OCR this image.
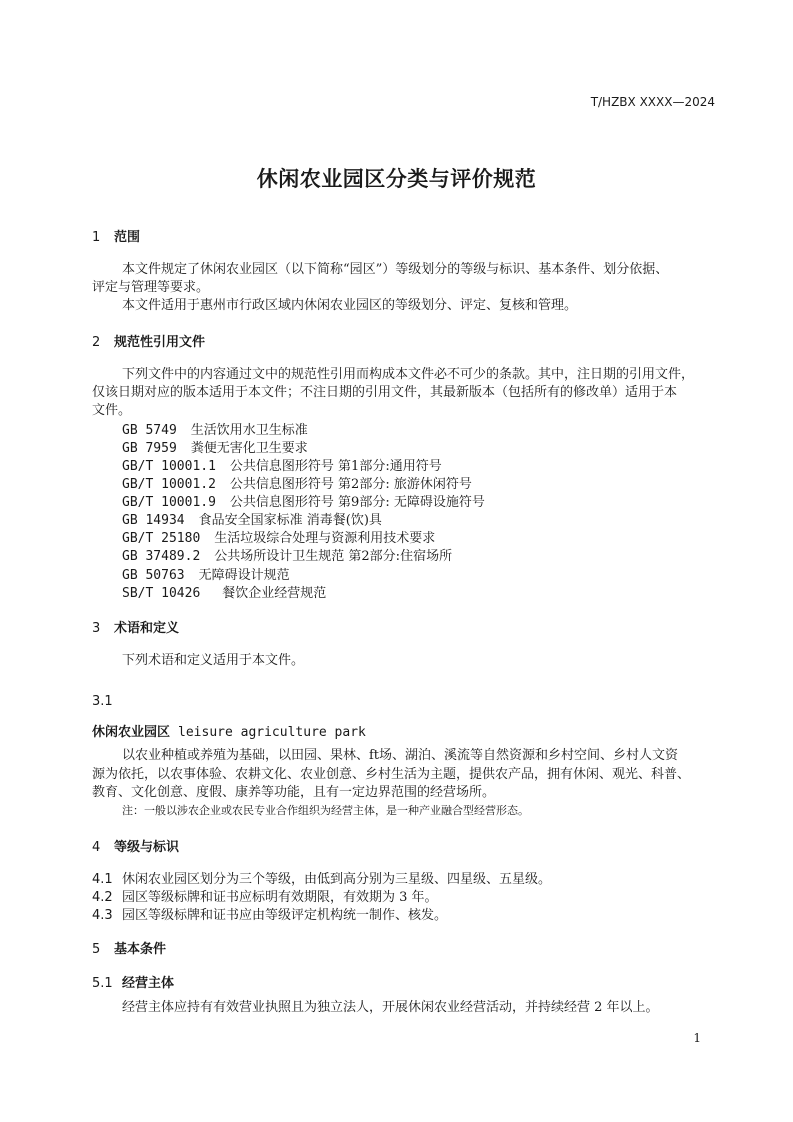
T/HZBX XXXX—2024
休闲农业园区分类与评价规范
1 范围
本文件规定了休闲农业园区（以下简称“园区”）等级划分的等级与标识、基本条件、划分依据、
评定与管理等要求。
本文件适用于惠州市行政区域内休闲农业园区的等级划分、评定、复核和管理。
2 规范性引用文件
下列文件中的内容通过文中的规范性引用而构成本文件必不可少的条款。其中，注日期的引用文件，
仅该日期对应的版本适用于本文件；不注日期的引用文件，其最新版本（包括所有的修改单）适用于本
文件。
GB 5749 生活饮用水卫生标准
GB 7959 粪便无害化卫生要求
GB/T 10001.1 公共信息图形符号 第1部分:通用符号
GB/T 10001.2 公共信息图形符号 第2部分: 旅游休闲符号
GB/T 10001.9 公共信息图形符号 第9部分: 无障碍设施符号
GB 14934 食品安全国家标准 消毒餐(饮)具
GB/T 25180 生活垃圾综合处理与资源利用技术要求
GB 37489.2 公共场所设计卫生规范 第2部分:住宿场所
GB 50763 无障碍设计规范
SB/T 10426 餐饮企业经营规范
3 术语和定义
下列术语和定义适用于本文件。
3.1
休闲农业园区 leisure agriculture park
以农业种植或养殖为基础，以田园、果林、ft场、湖泊、溪流等自然资源和乡村空间、乡村人文资
源为依托，以农事体验、农耕文化、农业创意、乡村生活为主题，提供农产品，拥有休闲、观光、科普、
教育、文化创意、度假、康养等功能，且有一定边界范围的经营场所。
注：一般以涉农企业或农民专业合作组织为经营主体，是一种产业融合型经营形态。
4 等级与标识
4.1 休闲农业园区划分为三个等级，由低到高分别为三星级、四星级、五星级。
4.2 园区等级标牌和证书应标明有效期限，有效期为 3 年。
4.3 园区等级标牌和证书应由等级评定机构统一制作、核发。
5 基本条件
5.1 经营主体
经营主体应持有有效营业执照且为独立法人，开展休闲农业经营活动，并持续经营 2 年以上。
1
